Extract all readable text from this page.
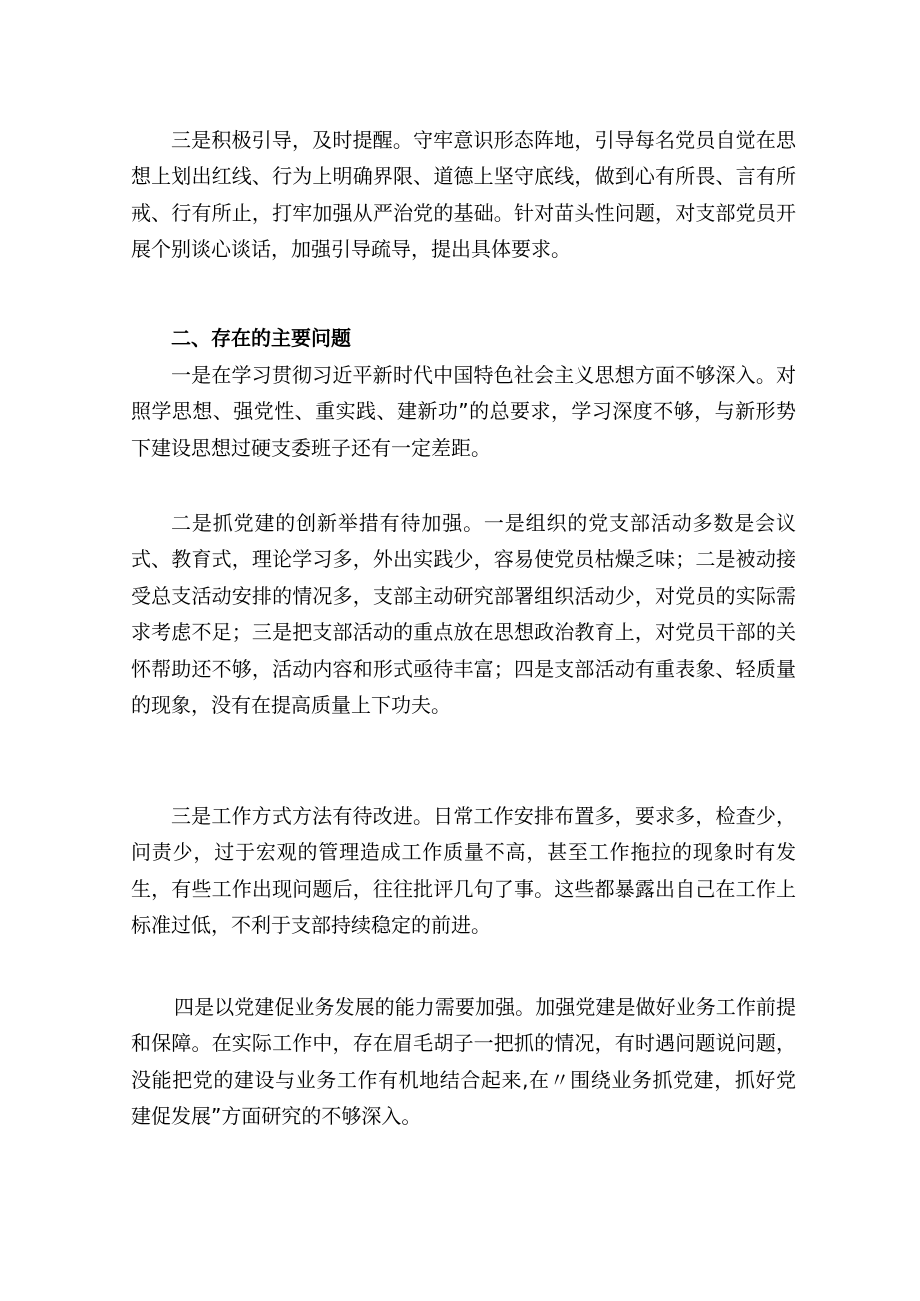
三是积极引导，及时提醒。守牢意识形态阵地，引导每名党员自觉在思想上划出红线、行为上明确界限、道德上坚守底线，做到心有所畏、言有所戒、行有所止，打牢加强从严治党的基础。针对苗头性问题，对支部党员开展个别谈心谈话，加强引导疏导，提出具体要求。

二、存在的主要问题

一是在学习贯彻习近平新时代中国特色社会主义思想方面不够深入。对照学思想、强党性、重实践、建新功”的总要求，学习深度不够，与新形势下建设思想过硬支委班子还有一定差距。

二是抓党建的创新举措有待加强。一是组织的党支部活动多数是会议式、教育式，理论学习多，外出实践少，容易使党员枯燥乏味；二是被动接受总支活动安排的情况多，支部主动研究部署组织活动少，对党员的实际需求考虑不足；三是把支部活动的重点放在思想政治教育上，对党员干部的关怀帮助还不够，活动内容和形式亟待丰富；四是支部活动有重表象、轻质量的现象，没有在提高质量上下功夫。

三是工作方式方法有待改进。日常工作安排布置多，要求多，检查少，问责少，过于宏观的管理造成工作质量不高，甚至工作拖拉的现象时有发生，有些工作出现问题后，往往批评几句了事。这些都暴露出自己在工作上标准过低，不利于支部持续稳定的前进。

四是以党建促业务发展的能力需要加强。加强党建是做好业务工作前提和保障。在实际工作中，存在眉毛胡子一把抓的情况，有时遇问题说问题，没能把党的建设与业务工作有机地结合起来,在〃围绕业务抓党建，抓好党建促发展”方面研究的不够深入。
